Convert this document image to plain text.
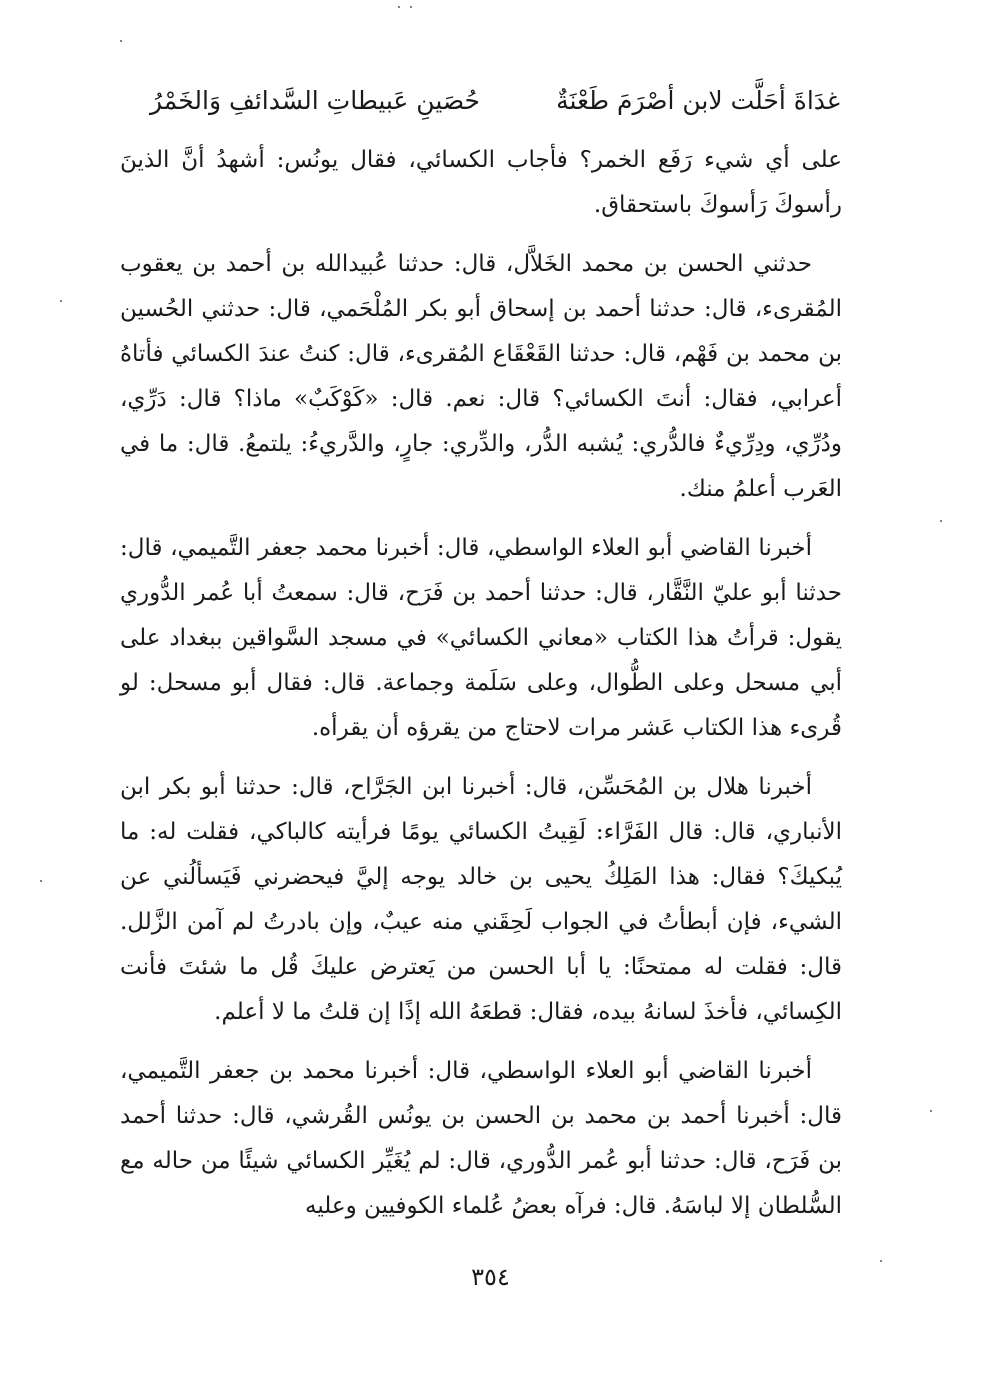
غدَاةَ أحَلَّت لابن أصْرَمَ طَعْنَةٌ
حُصَينِ عَبيطاتِ السَّدائفِ وَالخَمْرُ

على أي شيء رَفَع الخمر؟ فأجاب الكسائي، فقال يونُس: أشهدُ أنَّ الذينَ رأسوكَ رَأسوكَ باستحقاق.

حدثني الحسن بن محمد الخَلاَّل، قال: حدثنا عُبيدالله بن أحمد بن يعقوب المُقرىء، قال: حدثنا أحمد بن إسحاق أبو بكر المُلْحَمي، قال: حدثني الحُسين بن محمد بن فَهْم، قال: حدثنا القَعْقَاع المُقرىء، قال: كنتُ عندَ الكسائي فأتاهُ أعرابي، فقال: أنتَ الكسائي؟ قال: نعم. قال: «كَوْكَبٌ» ماذا؟ قال: دَرِّي، ودُرِّي، ودِرِّيءٌ فالدُّري: يُشبه الدُّر، والدِّري: جارٍ، والدَّريءُ: يلتمعُ. قال: ما في العَرب أعلمُ منك.

أخبرنا القاضي أبو العلاء الواسطي، قال: أخبرنا محمد جعفر التَّميمي، قال: حدثنا أبو عليّ النَّقَّار، قال: حدثنا أحمد بن فَرَح، قال: سمعتُ أبا عُمر الدُّوري يقول: قرأتُ هذا الكتاب «معاني الكسائي» في مسجد السَّواقين ببغداد على أبي مسحل وعلى الطُّوال، وعلى سَلَمة وجماعة. قال: فقال أبو مسحل: لو قُرىء هذا الكتاب عَشر مرات لاحتاج من يقرؤه أن يقرأه.

أخبرنا هلال بن المُحَسِّن، قال: أخبرنا ابن الجَرَّاح، قال: حدثنا أبو بكر ابن الأنباري، قال: قال الفَرَّاء: لَقِيتُ الكسائي يومًا فرأيته كالباكي، فقلت له: ما يُبكيكَ؟ فقال: هذا المَلِكُ يحيى بن خالد يوجه إليَّ فيحضرني فَيَسألُني عن الشيء، فإن أبطأتُ في الجواب لَحِقَني منه عيبٌ، وإن بادرتُ لم آمن الزَّلل. قال: فقلت له ممتحنًا: يا أبا الحسن من يَعترض عليكَ قُل ما شئتَ فأنت الكِسائي، فأخذَ لسانهُ بيده، فقال: قطعَهُ الله إذًا إن قلتُ ما لا أعلم.

أخبرنا القاضي أبو العلاء الواسطي، قال: أخبرنا محمد بن جعفر التَّميمي، قال: أخبرنا أحمد بن محمد بن الحسن بن يونُس القُرشي، قال: حدثنا أحمد بن فَرَح، قال: حدثنا أبو عُمر الدُّوري، قال: لم يُغَيِّر الكسائي شيئًا من حاله مع السُّلطان إلا لباسَهُ. قال: فرآه بعضُ عُلماء الكوفيين وعليه

٣٥٤
